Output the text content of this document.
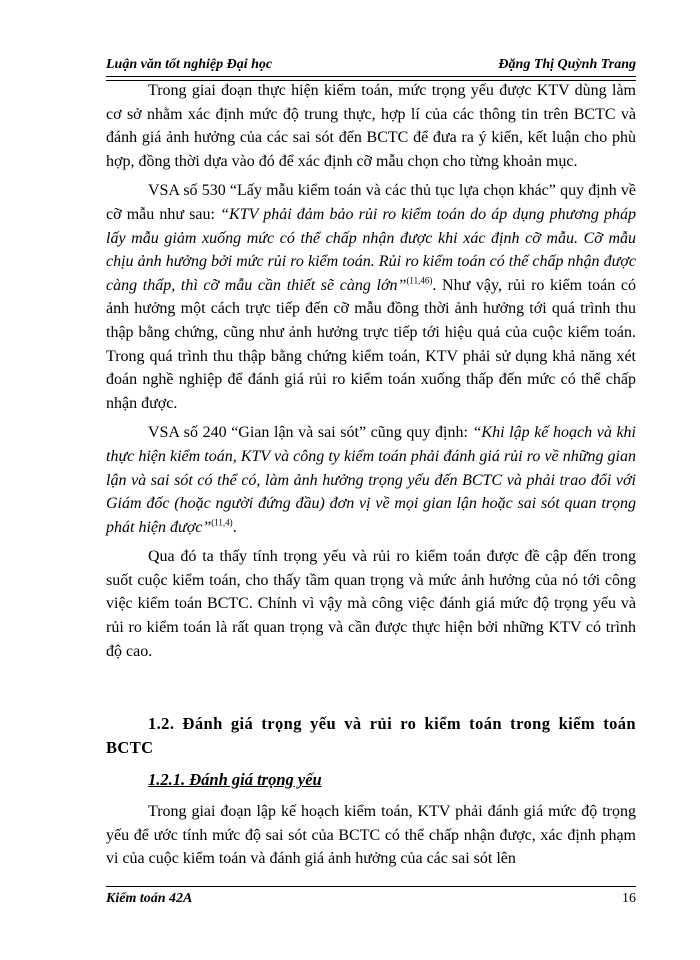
Luận văn tốt nghiệp Đại học	Đặng Thị Quỳnh Trang

Trong giai đoạn thực hiện kiểm toán, mức trọng yếu được KTV dùng làm cơ sở nhằm xác định mức độ trung thực, hợp lí của các thông tin trên BCTC và đánh giá ảnh hưởng của các sai sót đến BCTC để đưa ra ý kiến, kết luận cho phù hợp, đồng thời dựa vào đó để xác định cỡ mẫu chọn cho từng khoản mục.

VSA số 530 “Lấy mẫu kiểm toán và các thủ tục lựa chọn khác” quy định về cỡ mẫu như sau: “KTV phải đảm bảo rủi ro kiểm toán do áp dụng phương pháp lấy mẫu giảm xuống mức có thể chấp nhận được khi xác định cỡ mẫu. Cỡ mẫu chịu ảnh hưởng bởi mức rủi ro kiểm toán. Rủi ro kiểm toán có thể chấp nhận được càng thấp, thì cỡ mẫu cần thiết sẽ càng lớn”$^{(11,46)}$. Như vậy, rủi ro kiểm toán có ảnh hưởng một cách trực tiếp đến cỡ mẫu đồng thời ảnh hưởng tới quá trình thu thập bằng chứng, cũng như ảnh hưởng trực tiếp tới hiệu quả của cuộc kiểm toán. Trong quá trình thu thập bằng chứng kiểm toán, KTV phải sử dụng khả năng xét đoán nghề nghiệp để đánh giá rủi ro kiểm toán xuống thấp đến mức có thể chấp nhận được.

VSA số 240 “Gian lận và sai sót” cũng quy định: “Khi lập kế hoạch và khi thực hiện kiểm toán, KTV và công ty kiểm toán phải đánh giá rủi ro về những gian lận và sai sót có thể có, làm ảnh hưởng trọng yếu đến BCTC và phải trao đổi với Giám đốc (hoặc người đứng đầu) đơn vị về mọi gian lận hoặc sai sót quan trọng phát hiện được”$^{(11,4)}$.

Qua đó ta thấy tính trọng yếu và rủi ro kiểm toán được đề cập đến trong suốt cuộc kiểm toán, cho thấy tầm quan trọng và mức ảnh hưởng của nó tới công việc kiểm toán BCTC. Chính vì vậy mà công việc đánh giá mức độ trọng yếu và rủi ro kiểm toán là rất quan trọng và cần được thực hiện bởi những KTV có trình độ cao.

1.2. Đánh giá trọng yếu và rủi ro kiểm toán trong kiểm toán BCTC
1.2.1. Đánh giá trọng yếu

Trong giai đoạn lập kế hoạch kiểm toán, KTV phải đánh giá mức độ trọng yếu để ước tính mức độ sai sót của BCTC có thể chấp nhận được, xác định phạm vi của cuộc kiểm toán và đánh giá ảnh hưởng của các sai sót lên

Kiểm toán 42A	16
